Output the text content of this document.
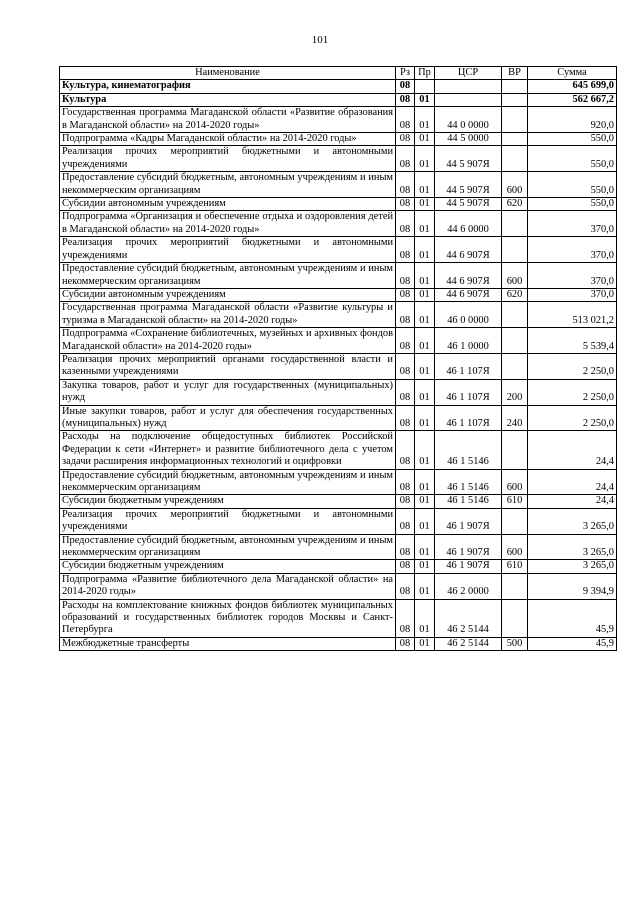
101
Наименование	Рз	Пр	ЦСР	ВР	Сумма
Культура, кинематография	08				645 699,0
Культура	08	01			562 667,2
Государственная программа Магаданской области «Развитие образования в Магаданской области» на 2014-2020 годы»	08	01	44 0 0000		920,0
Подпрограмма «Кадры Магаданской области» на 2014-2020 годы»	08	01	44 5 0000		550,0
Реализация прочих мероприятий бюджетными и автономными учреждениями	08	01	44 5 907Я		550,0
Предоставление субсидий бюджетным, автономным учреждениям и иным некоммерческим организациям	08	01	44 5 907Я	600	550,0
Субсидии автономным учреждениям	08	01	44 5 907Я	620	550,0
Подпрограмма «Организация и обеспечение отдыха и оздоровления детей в Магаданской области» на 2014-2020 годы»	08	01	44 6 0000		370,0
Реализация прочих мероприятий бюджетными и автономными учреждениями	08	01	44 6 907Я		370,0
Предоставление субсидий бюджетным, автономным учреждениям и иным некоммерческим организациям	08	01	44 6 907Я	600	370,0
Субсидии автономным учреждениям	08	01	44 6 907Я	620	370,0
Государственная программа Магаданской области «Развитие культуры и туризма в Магаданской области» на 2014-2020 годы»	08	01	46 0 0000		513 021,2
Подпрограмма «Сохранение библиотечных, музейных и архивных фондов Магаданской области» на 2014-2020 годы»	08	01	46 1 0000		5 539,4
Реализация прочих мероприятий органами государственной власти и казенными учреждениями	08	01	46 1 107Я		2 250,0
Закупка товаров, работ и услуг для государственных (муниципальных) нужд	08	01	46 1 107Я	200	2 250,0
Иные закупки товаров, работ и услуг для обеспечения государственных (муниципальных) нужд	08	01	46 1 107Я	240	2 250,0
Расходы на подключение общедоступных библиотек Российской Федерации к сети «Интернет» и развитие библиотечного дела с учетом задачи расширения информационных технологий и оцифровки	08	01	46 1 5146		24,4
Предоставление субсидий бюджетным, автономным учреждениям и иным некоммерческим организациям	08	01	46 1 5146	600	24,4
Субсидии бюджетным учреждениям	08	01	46 1 5146	610	24,4
Реализация прочих мероприятий бюджетными и автономными учреждениями	08	01	46 1 907Я		3 265,0
Предоставление субсидий бюджетным, автономным учреждениям и иным некоммерческим организациям	08	01	46 1 907Я	600	3 265,0
Субсидии бюджетным учреждениям	08	01	46 1 907Я	610	3 265,0
Подпрограмма «Развитие библиотечного дела Магаданской области» на 2014-2020 годы»	08	01	46 2 0000		9 394,9
Расходы на комплектование книжных фондов библиотек муниципальных образований и государственных библиотек городов Москвы и Санкт-Петербурга	08	01	46 2 5144		45,9
Межбюджетные трансферты	08	01	46 2 5144	500	45,9
